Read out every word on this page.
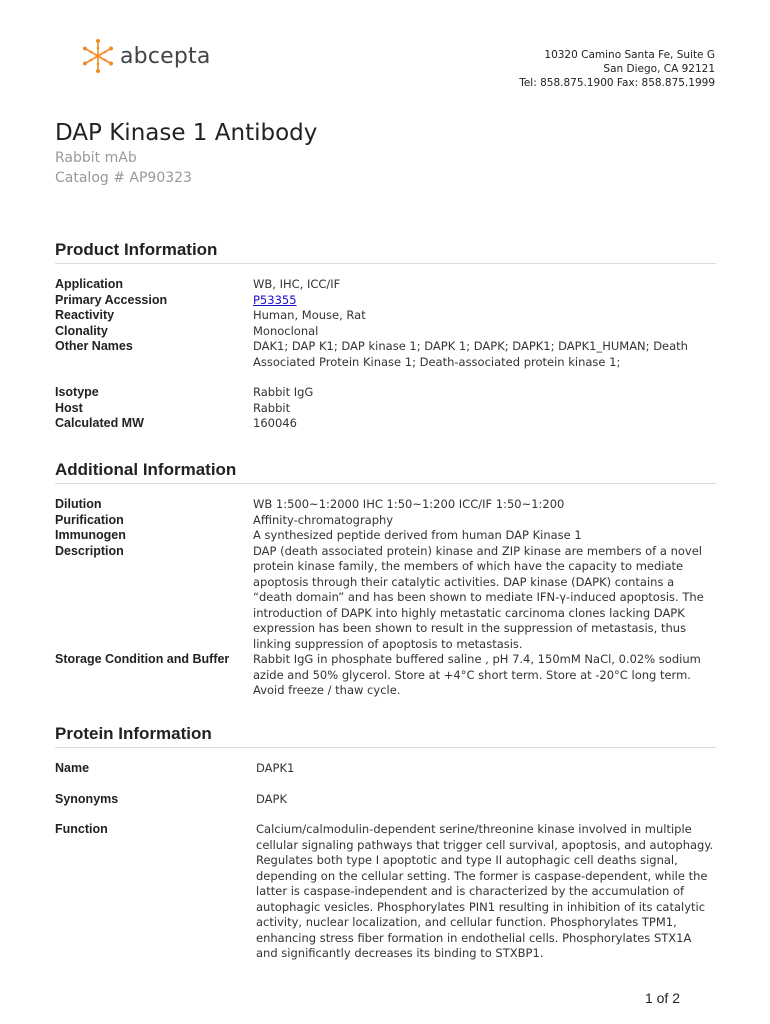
abcepta	10320 Camino Santa Fe, Suite G
San Diego, CA 92121
Tel: 858.875.1900 Fax: 858.875.1999
DAP Kinase 1 Antibody
Rabbit mAb
Catalog # AP90323
Product Information
Application	WB, IHC, ICC/IF
Primary Accession	P53355
Reactivity	Human, Mouse, Rat
Clonality	Monoclonal
Other Names	DAK1; DAP K1; DAP kinase 1; DAPK 1; DAPK; DAPK1; DAPK1_HUMAN; Death Associated Protein Kinase 1; Death-associated protein kinase 1;
Isotype	Rabbit IgG
Host	Rabbit
Calculated MW	160046
Additional Information
Dilution	WB 1:500~1:2000 IHC 1:50~1:200 ICC/IF 1:50~1:200
Purification	Affinity-chromatography
Immunogen	A synthesized peptide derived from human DAP Kinase 1
Description	DAP (death associated protein) kinase and ZIP kinase are members of a novel protein kinase family, the members of which have the capacity to mediate apoptosis through their catalytic activities. DAP kinase (DAPK) contains a “death domain” and has been shown to mediate IFN-γ-induced apoptosis. The introduction of DAPK into highly metastatic carcinoma clones lacking DAPK expression has been shown to result in the suppression of metastasis, thus linking suppression of apoptosis to metastasis.
Storage Condition and Buffer	Rabbit IgG in phosphate buffered saline , pH 7.4, 150mM NaCl, 0.02% sodium azide and 50% glycerol. Store at +4°C short term. Store at -20°C long term. Avoid freeze / thaw cycle.
Protein Information
Name	DAPK1
Synonyms	DAPK
Function	Calcium/calmodulin-dependent serine/threonine kinase involved in multiple cellular signaling pathways that trigger cell survival, apoptosis, and autophagy. Regulates both type I apoptotic and type II autophagic cell deaths signal, depending on the cellular setting. The former is caspase-dependent, while the latter is caspase-independent and is characterized by the accumulation of autophagic vesicles. Phosphorylates PIN1 resulting in inhibition of its catalytic activity, nuclear localization, and cellular function. Phosphorylates TPM1, enhancing stress fiber formation in endothelial cells. Phosphorylates STX1A and significantly decreases its binding to STXBP1.
1 of 2
